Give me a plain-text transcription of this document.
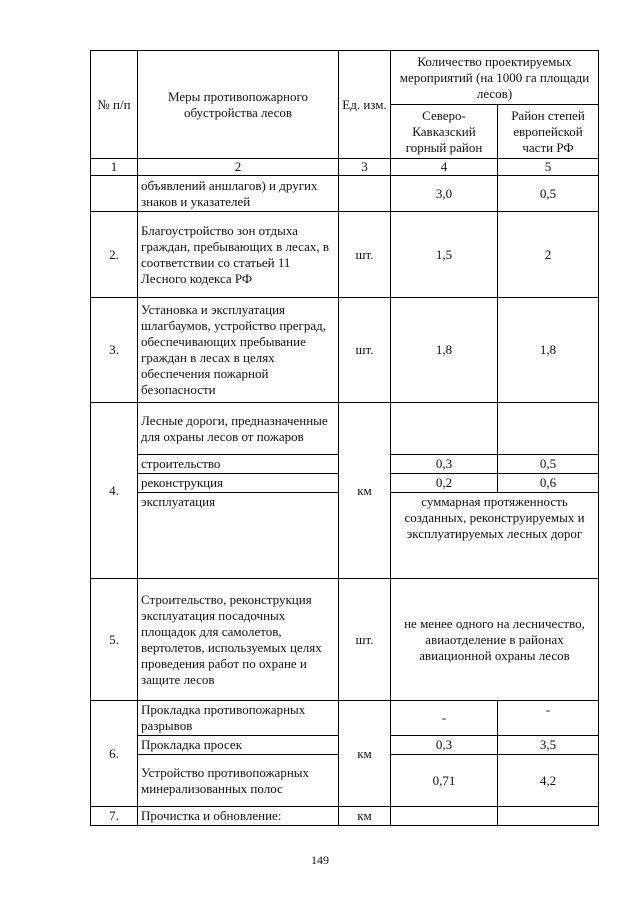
№ п/п	Меры противопожарного обустройства лесов	Ед. изм.	Количество проектируемых мероприятий (на 1000 га площади лесов)	
			Северо-Кавказский горный район	Район степей европейской части РФ
1	2	3	4	5
	объявлений аншлагов) и других знаков и указателей		3,0	0,5
2.	Благоустройство зон отдыха граждан, пребывающих в лесах, в соответствии со статьей 11 Лесного кодекса РФ	шт.	1,5	2
3.	Установка и эксплуатация шлагбаумов, устройство преград, обеспечивающих пребывание граждан в лесах в целях обеспечения пожарной безопасности	шт.	1,8	1,8
4.	Лесные дороги, предназначенные для охраны лесов от пожаров	км		
	строительство		0,3	0,5
	реконструкция		0,2	0,6
	эксплуатация		суммарная протяженность созданных, реконструируемых и эксплуатируемых лесных дорог	
5.	Строительство, реконструкция эксплуатация посадочных площадок для самолетов, вертолетов, используемых целях проведения работ по охране и защите лесов	шт.	не менее одного на лесничество, авиаотделение в районах авиационной охраны лесов	
6.	Прокладка противопожарных разрывов	км	-	-
	Прокладка просек		0,3	3,5
	Устройство противопожарных минерализованных полос		0,71	4,2
7.	Прочистка и обновление:	км		
149
